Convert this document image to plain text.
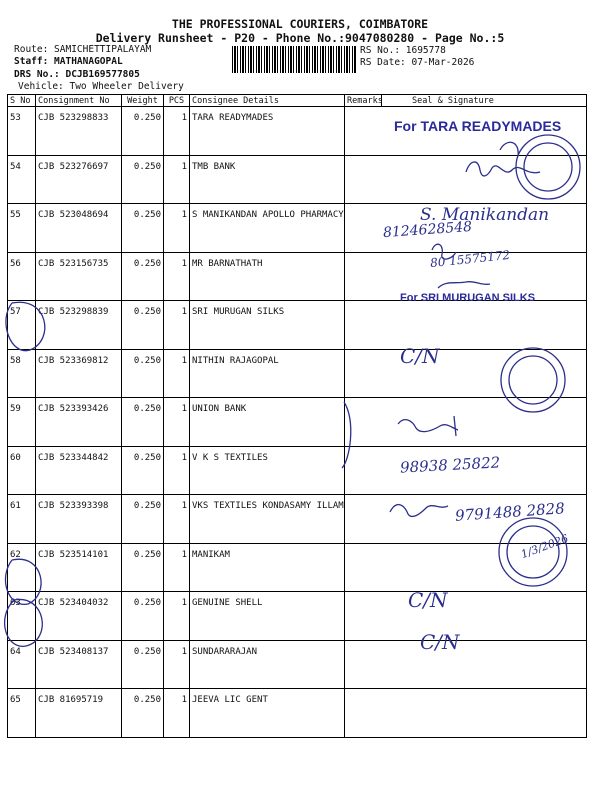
THE PROFESSIONAL COURIERS, COIMBATORE
Delivery Runsheet - P20 - Phone No.:9047080280 - Page No.:5
Route: SAMICHETTIPALAYAM
Staff: MATHANAGOPAL
DRS No.: DCJB169577805
Vehicle: Two Wheeler Delivery
RS No.: 1695778
RS Date: 07-Mar-2026
S No	Consignment No	Weight	PCS	Consignee Details	Remarks	Seal & Signature
53	CJB 523298833	0.250	1	TARA READYMADES		
54	CJB 523276697	0.250	1	TMB BANK		
55	CJB 523048694	0.250	1	S MANIKANDAN APOLLO PHARMACY		
56	CJB 523156735	0.250	1	MR BARNATHATH		
57	CJB 523298839	0.250	1	SRI MURUGAN SILKS		
58	CJB 523369812	0.250	1	NITHIN RAJAGOPAL		
59	CJB 523393426	0.250	1	UNION BANK		
60	CJB 523344842	0.250	1	V K S TEXTILES		
61	CJB 523393398	0.250	1	VKS TEXTILES KONDASAMY ILLAM		
62	CJB 523514101	0.250	1	MANIKAM		
63	CJB 523404032	0.250	1	GENUINE SHELL		
64	CJB 523408137	0.250	1	SUNDARARAJAN		
65	CJB 81695719	0.250	1	JEEVA LIC GENT		
For TARA READYMADES
For SRI MURUGAN SILKS
S. Manikandan
8124628548
80 15575172
C/N
98938 25822
9791488 2828
1/3/2026
C/N
C/N
